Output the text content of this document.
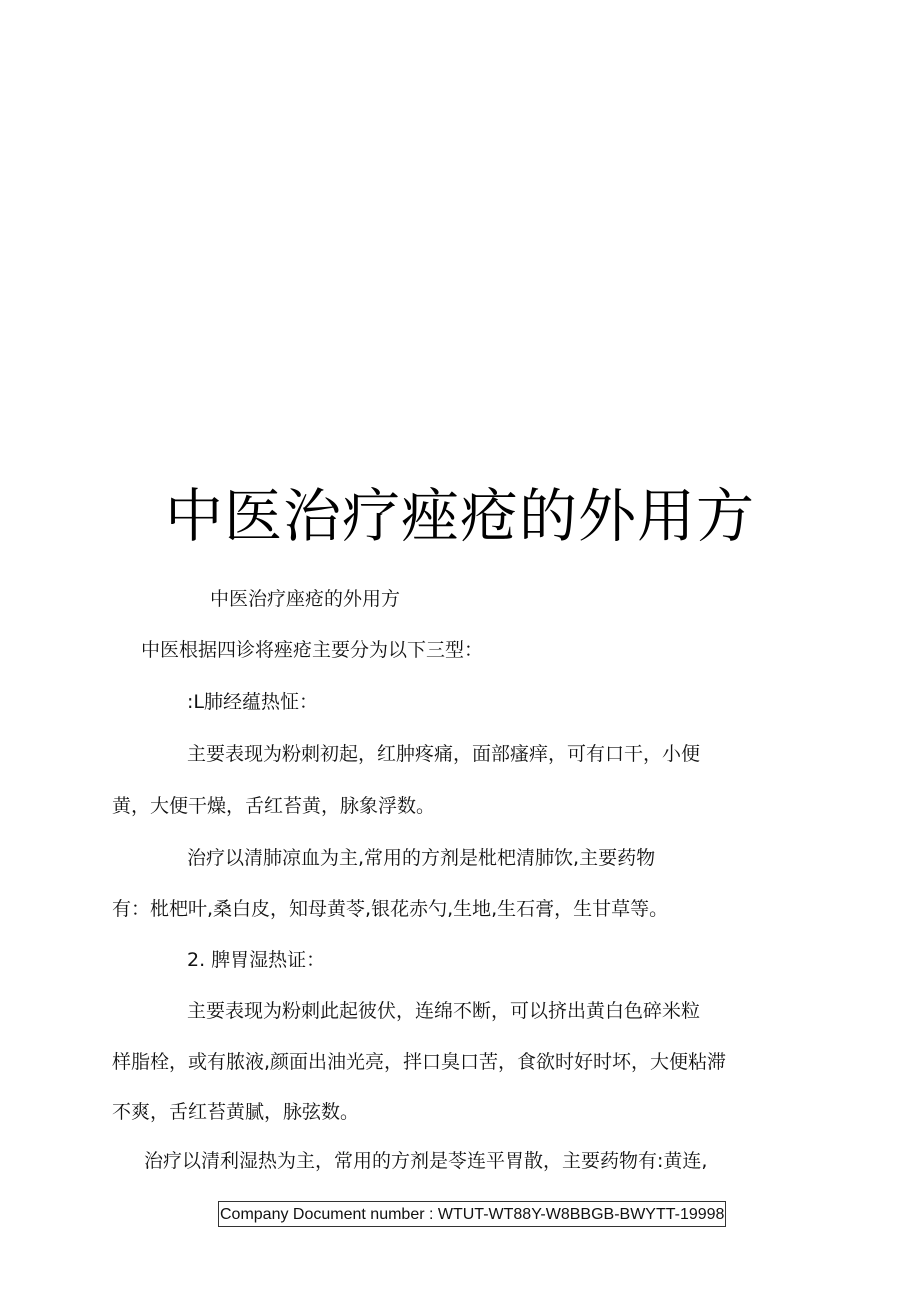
中医治疗痤疮的外用方
中医治疗座疮的外用方
中医根据四诊将痤疮主要分为以下三型：
:L肺经蕴热怔：
主要表现为粉刺初起，红肿疼痛，面部瘙痒，可有口干，小便
黄，大便干燥，舌红苔黄，脉象浮数。
治疗以清肺凉血为主,常用的方剂是枇杷清肺饮,主要药物
有：枇杷叶,桑白皮，知母黄苓,银花赤勺,生地,生石膏，生甘草等。
2. 脾胃湿热证：
主要表现为粉刺此起彼伏，连绵不断，可以挤出黄白色碎米粒
样脂栓，或有脓液,颜面出油光亮，拌口臭口苦，食欲时好时坏，大便粘滞
不爽，舌红苔黄腻，脉弦数。
治疗以清利湿热为主，常用的方剂是苓连平胃散，主要药物有:黄连,
Company Document number : WTUT-WT88Y-W8BBGB-BWYTT-19998
